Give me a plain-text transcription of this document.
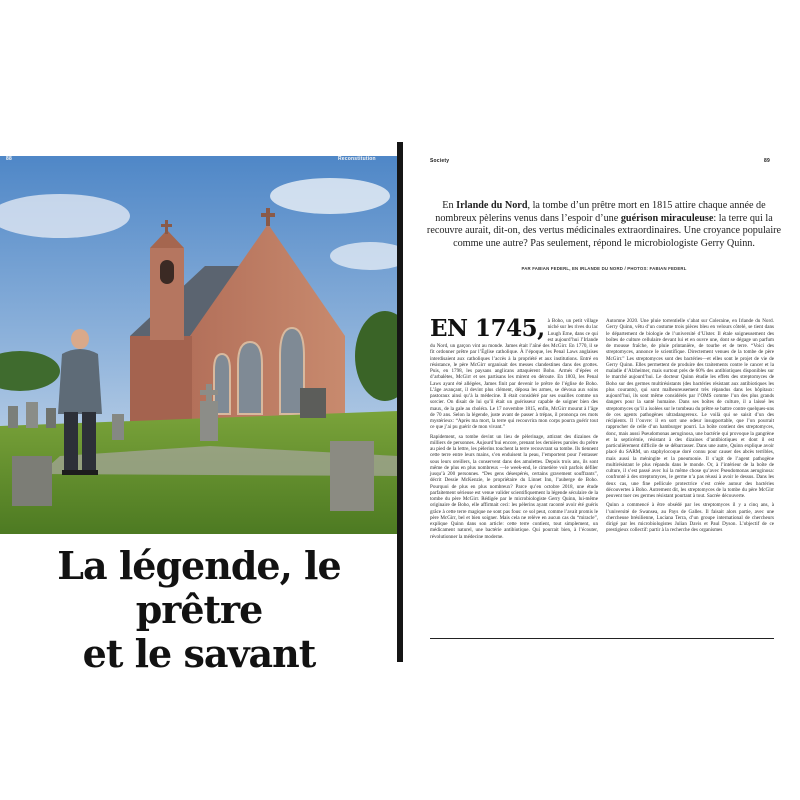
88	Reconstitution
La légende, le prêtre
et le savant
Society	89
En Irlande du Nord, la tombe d’un prêtre mort en 1815 attire chaque année de nombreux pèlerins venus dans l’espoir d’une guérison miraculeuse: la terre qui la recouvre aurait, dit-on, des vertus médicinales extraordinaires. Une croyance populaire comme une autre? Pas seulement, répond le microbiologiste Gerry Quinn.
PAR FABIAN FEDERL, EN IRLANDE DU NORD / PHOTOS: FABIAN FEDERL

EN 1745, à Boho, un petit village niché sur les rives du lac Lough Erne, dans ce qui est aujourd’hui l’Irlande du Nord, un garçon vint au monde. James était l’aîné des McGirr. En 1770, il se fit ordonner prêtre par l’Église catholique. À l’époque, les Penal Laws anglaises interdisaient aux catholiques l’accès à la propriété et aux institutions. Entré en résistance, le père McGirr organisait des messes clandestines dans des grottes. Puis, en 1798, les paysans anglicans attaquèrent Boho. Armés d’épées et d’arbalètes, McGirr et ses partisans les mirent en déroute. En 1803, les Penal Laws ayant été allégées, James finit par devenir le prêtre de l’église de Boho. L’âge avançant, il devint plus clément, déposa les armes, se dévoua aux soins pastoraux ainsi qu’à la médecine. Il était considéré par ses ouailles comme un sorcier. On disait de lui qu’il était un guérisseur capable de soigner bien des maux, de la gale au choléra. Le 17 novembre 1815, enfin, McGirr mourut à l’âge de 70 ans. Selon la légende, juste avant de passer à trépas, il prononça ces mots mystérieux: “Après ma mort, la terre qui recouvrira mon corps pourra guérir tout ce que j’ai pu guérir de mon vivant.”

Rapidement, sa tombe devint un lieu de pèlerinage, attirant des dizaines de milliers de personnes. Aujourd’hui encore, prenant les dernières paroles du prêtre au pied de la lettre, les pèlerins touchent la terre recouvrant sa tombe. Ils tiennent cette terre entre leurs mains, s’en enduisent la peau, l’emportent pour l’entasser sous leurs oreillers, la conservent dans des amulettes. Depuis trois ans, ils sont même de plus en plus nombreux —le week-end, le cimetière voit parfois défiler jusqu’à 200 personnes. “Des gens désespérés, certains gravement souffrants”, décrit Dessie McKenzie, le propriétaire du Linnet Inn, l’auberge de Boho. Pourquoi de plus en plus nombreux? Parce qu’en octobre 2018, une étude parfaitement sérieuse est venue valider scientifiquement la légende séculaire de la tombe du père McGirr. Rédigée par le microbiologiste Gerry Quinn, lui-même originaire de Boho, elle affirmait ceci: les pèlerins ayant raconté avoir été guéris grâce à cette terre magique ne sont pas fous: ce sol peut, comme l’avait promis le père McGirr, bel et bien soigner. Mais cela ne relève en aucun cas du “miracle”, explique Quinn dans son article: cette terre contient, tout simplement, un médicament naturel, une bactérie antibiotique. Qui pourrait bien, à l’écouter, révolutionner la médecine moderne.

Automne 2020. Une pluie torrentielle s’abat sur Coleraine, en Irlande du Nord. Gerry Quinn, vêtu d’un costume trois pièces bleu en velours côtelé, se tient dans le département de biologie de l’université d’Ulster. Il étale soigneusement des boîtes de culture cellulaire devant lui et en ouvre une, dont se dégage un parfum de mousse fraîche, de pluie printanière, de tourbe et de terre. “Voici des streptomyces, annonce le scientifique. Directement venues de la tombe de père McGirr.” Les streptomyces sont des bactéries—et elles sont le projet de vie de Gerry Quinn. Elles permettent de produire des traitements contre le cancer et la maladie d’Alzheimer, mais surtout près de 60% des antibiotiques disponibles sur le marché aujourd’hui. Le docteur Quinn étudie les effets des streptomyces de Boho sur des germes multirésistants (des bactéries résistant aux antibiotiques les plus courants), qui sont malheureusement très répandus dans les hôpitaux: aujourd’hui, ils sont même considérés par l’OMS comme l’un des plus grands dangers pour la santé humaine. Dans ses boîtes de culture, il a laissé les streptomyces qu’il a isolées sur le tombeau du prêtre se battre contre quelques-uns de ces agents pathogènes ultradangereux. Le voilà qui se saisit d’un des récipients. Il l’ouvre: il en sort une odeur insupportable, que l’on pourrait rapprocher de celle d’un hamburger pourri. La boîte contient des streptomyces, donc, mais aussi Pseudomonas aeruginosa, une bactérie qui provoque la gangrène et la septicémie, résistant à des dizaines d’antibiotiques et dont il est particulièrement difficile de se débarrasser. Dans une autre, Quinn explique avoir placé du SARM, un staphylocoque doré connu pour causer des abcès terribles, mais aussi la méningite et la pneumonie. Il s’agit de l’agent pathogène multirésistant le plus répandu dans le monde. Or, à l’intérieur de la boîte de culture, il s’est passé avec lui la même chose qu’avec Pseudomonas aeruginosa: confronté à des streptomyces, le germe n’a pas réussi à avoir le dessus. Dans les deux cas, une fine pellicule protectrice s’est créée autour des bactéries découvertes à Boho. Autrement dit, les streptomyces de la tombe du père McGirr peuvent tuer ces germes résistant pourtant à tout. Sacrée découverte.

Quinn a commencé à être obsédé par les streptomyces il y a cinq ans, à l’université de Swansea, au Pays de Galles. Il faisait alors partie, avec une chercheuse brésilienne, Luciana Terra, d’un groupe international de chercheurs dirigé par les microbiologistes Julian Davis et Paul Dyson. L’objectif de ce prestigieux collectif: partir à la recherche des organismes
